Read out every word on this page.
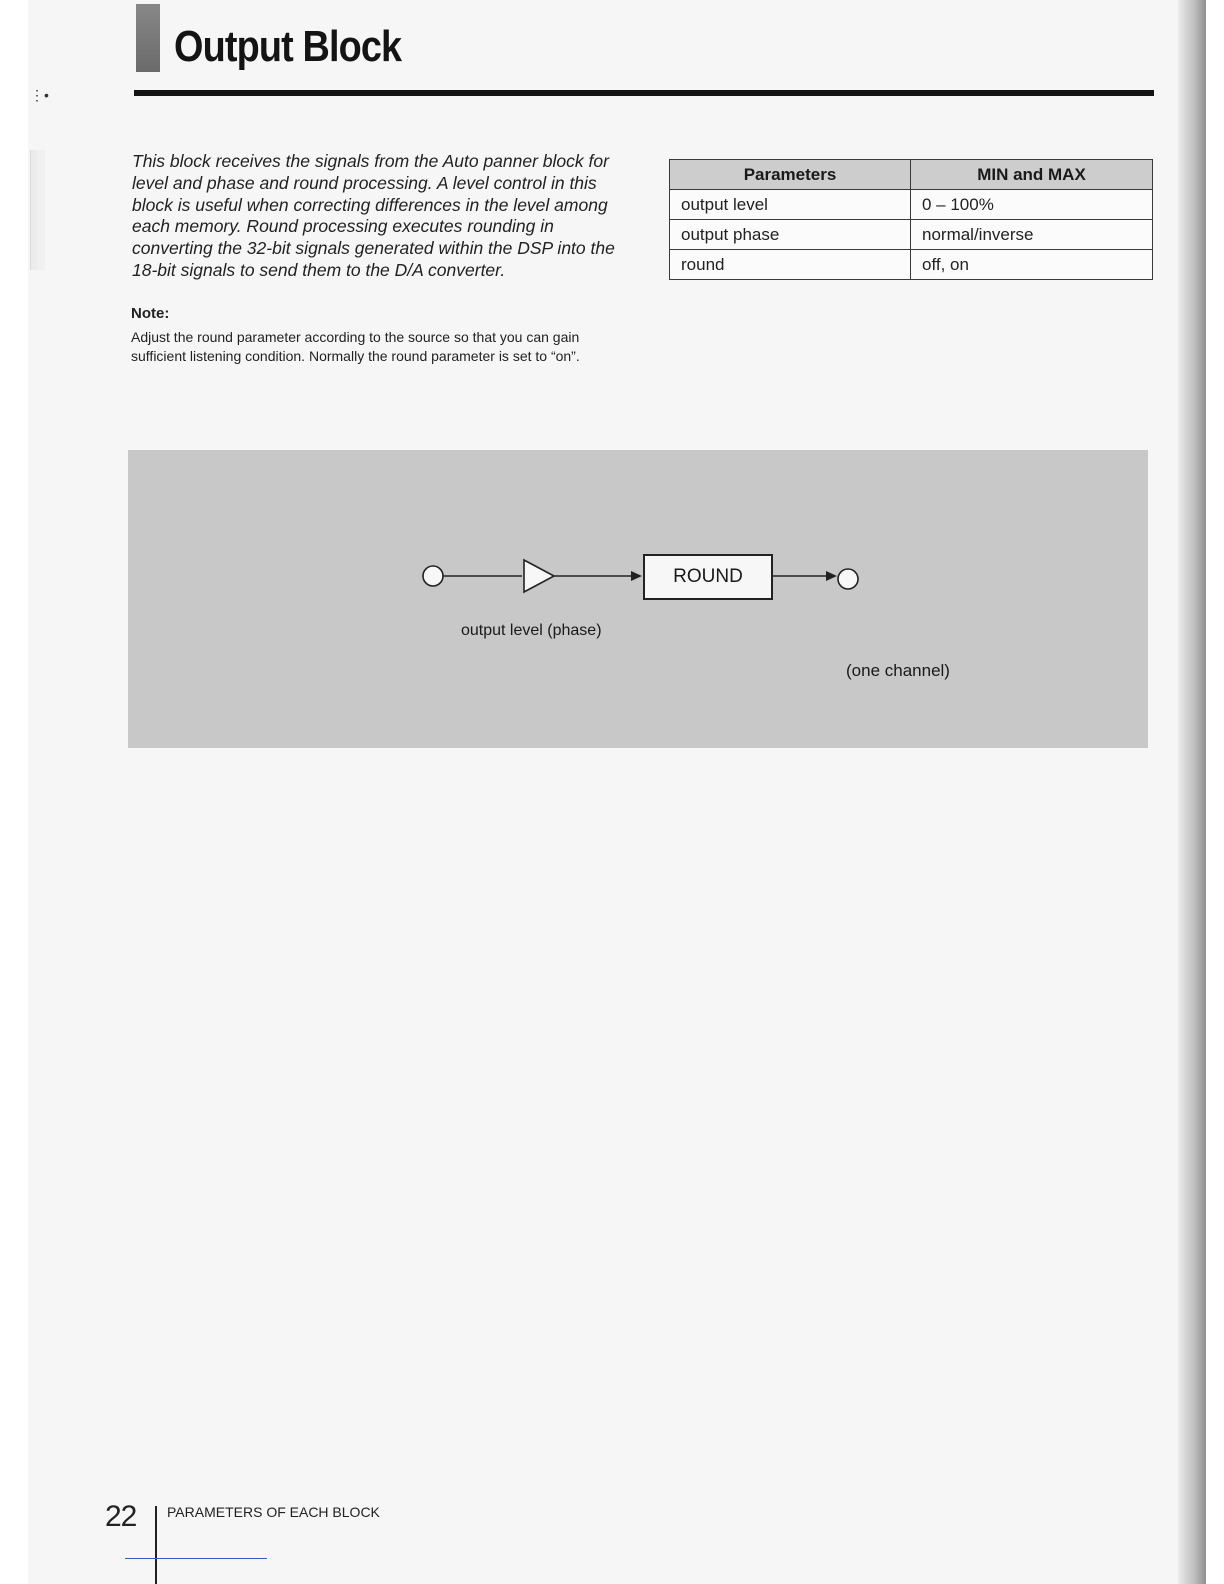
⋮•
Output Block

This block receives the signals from the Auto panner block for level and phase and round processing. A level control in this block is useful when correcting differences in the level among each memory. Round processing executes rounding in converting the 32-bit signals generated within the DSP into the 18-bit signals to send them to the D/A converter.

Note:

Adjust the round parameter according to the source so that you can gain sufficient listening condition. Normally the round parameter is set to “on”.

Parameters	MIN and MAX
output level	0 – 100%
output phase	normal/inverse
round	off, on
ROUND

output level (phase)

(one channel)

22 PARAMETERS OF EACH BLOCK
